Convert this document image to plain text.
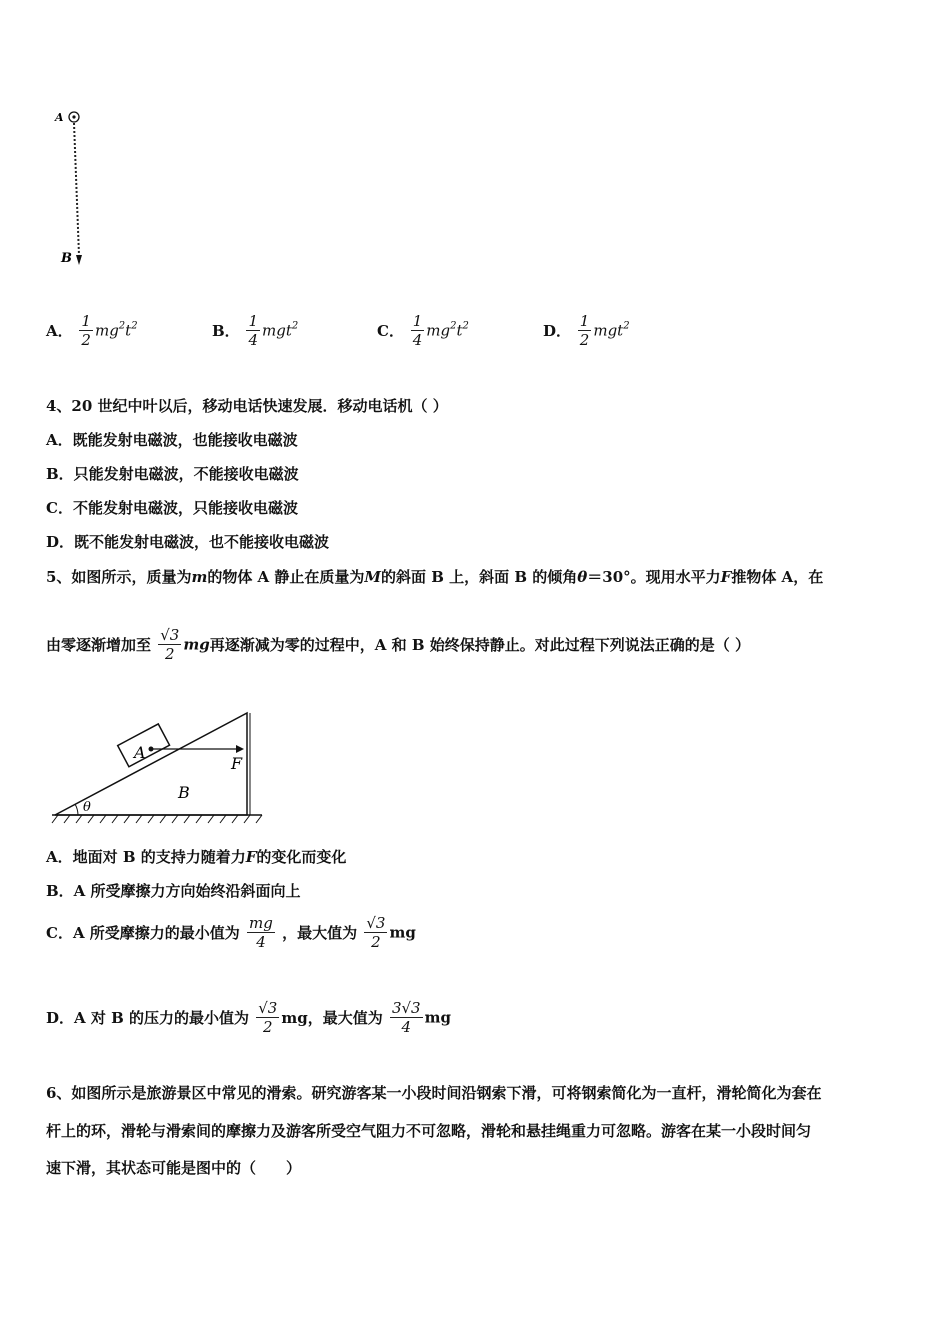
A
B
A． $\frac{1}{2} mg^2t^2$	B． $\frac{1}{4} mgt^2$	C． $\frac{1}{4} mg^2t^2$	D． $\frac{1}{2} mgt^2$
4、20 世纪中叶以后，移动电话快速发展．移动电话机（ ）
A．既能发射电磁波，也能接收电磁波
B．只能发射电磁波，不能接收电磁波
C．不能发射电磁波，只能接收电磁波
D．既不能发射电磁波，也不能接收电磁波
5、如图所示，质量为m的物体 A 静止在质量为M的斜面 B 上，斜面 B 的倾角θ＝30°。现用水平力F推物体 A，在
由零逐渐增加至 $\frac{√3}{2}$ mg再逐渐减为零的过程中，A 和 B 始终保持静止。对此过程下列说法正确的是（ ）
θ
A
F
B
A．地面对 B 的支持力随着力F的变化而变化
B．A 所受摩擦力方向始终沿斜面向上
C．A 所受摩擦力的最小值为 $\frac{mg}{4}$ ，最大值为 $\frac{√3}{2}$ mg
D．A 对 B 的压力的最小值为 $\frac{√3}{2}$ mg，最大值为 $\frac{3√3}{4}$ mg
6、如图所示是旅游景区中常见的滑索。研究游客某一小段时间沿钢索下滑，可将钢索简化为一直杆，滑轮简化为套在
杆上的环，滑轮与滑索间的摩擦力及游客所受空气阻力不可忽略，滑轮和悬挂绳重力可忽略。游客在某一小段时间匀
速下滑，其状态可能是图中的（　　）
